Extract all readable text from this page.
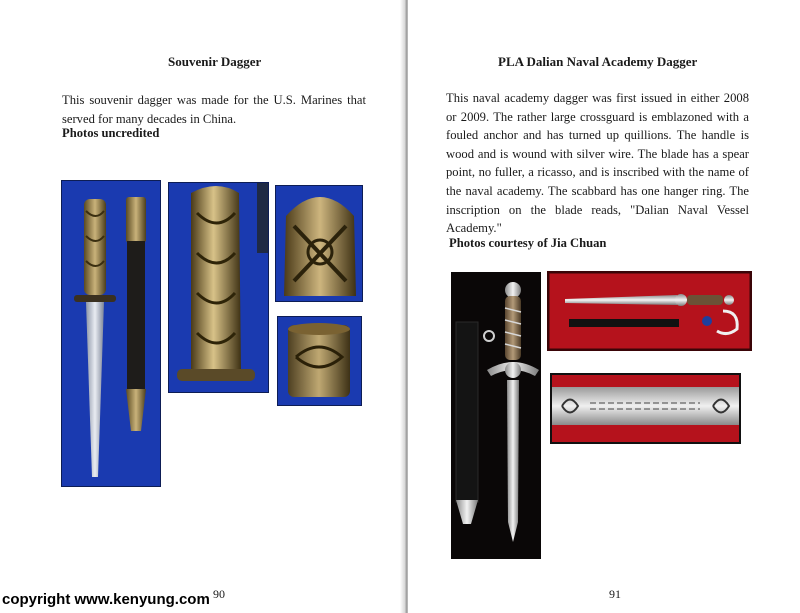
Souvenir Dagger

This souvenir dagger was made for the U.S. Marines that served for many decades in China.

Photos uncredited
90
PLA Dalian Naval Academy Dagger

This naval academy dagger was first issued in either 2008 or 2009. The rather large crossguard is emblazoned with a fouled anchor and has turned up quillions. The handle is wood and is wound with silver wire. The blade has a spear point, no fuller, a ricasso, and is inscribed with the name of the naval academy. The scabbard has one hanger ring. The inscription on the blade reads, "Dalian Naval Vessel Academy."

Photos courtesy of Jia Chuan
91
copyright www.kenyung.com
